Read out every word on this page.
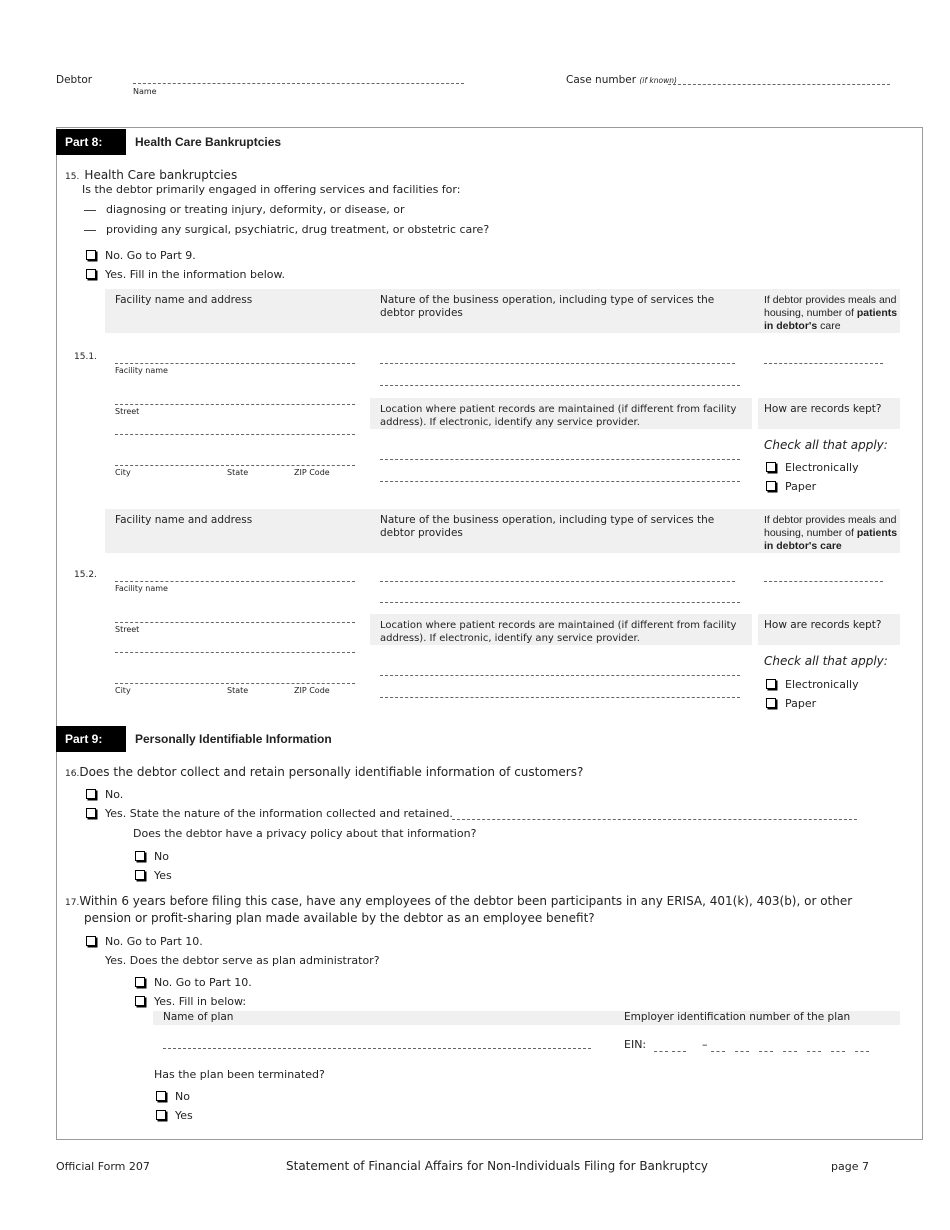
Debtor
Name
Case number (if known)
Part 8:	Health Care Bankruptcies
15. Health Care bankruptcies
Is the debtor primarily engaged in offering services and facilities for:
diagnosing or treating injury, deformity, or disease, or
providing any surgical, psychiatric, drug treatment, or obstetric care?
No. Go to Part 9.
Yes. Fill in the information below.
Facility name and address	Nature of the business operation, including type of services the debtor provides
If debtor provides meals and housing, number of patients in debtor's care
15.1.
Facility name
Street
City	State	ZIP Code
Location where patient records are maintained (if different from facility address). If electronic, identify any service provider.
How are records kept?
Check all that apply:
Electronically
Paper
Facility name and address	Nature of the business operation, including type of services the debtor provides
If debtor provides meals and housing, number of patients in debtor's care
15.2.
Facility name
Street
City	State	ZIP Code
Location where patient records are maintained (if different from facility address). If electronic, identify any service provider.
How are records kept?
Check all that apply:
Electronically
Paper
Part 9:	Personally Identifiable Information
16.Does the debtor collect and retain personally identifiable information of customers?
No.
Yes. State the nature of the information collected and retained.
Does the debtor have a privacy policy about that information?
No
Yes
17.Within 6 years before filing this case, have any employees of the debtor been participants in any ERISA, 401(k), 403(b), or other
pension or profit-sharing plan made available by the debtor as an employee benefit?
No. Go to Part 10.
Yes. Does the debtor serve as plan administrator?
No. Go to Part 10.
Yes. Fill in below:
Name of plan	Employer identification number of the plan
EIN:	–
Has the plan been terminated?
No
Yes
Official Form 207	Statement of Financial Affairs for Non-Individuals Filing for Bankruptcy	page 7
